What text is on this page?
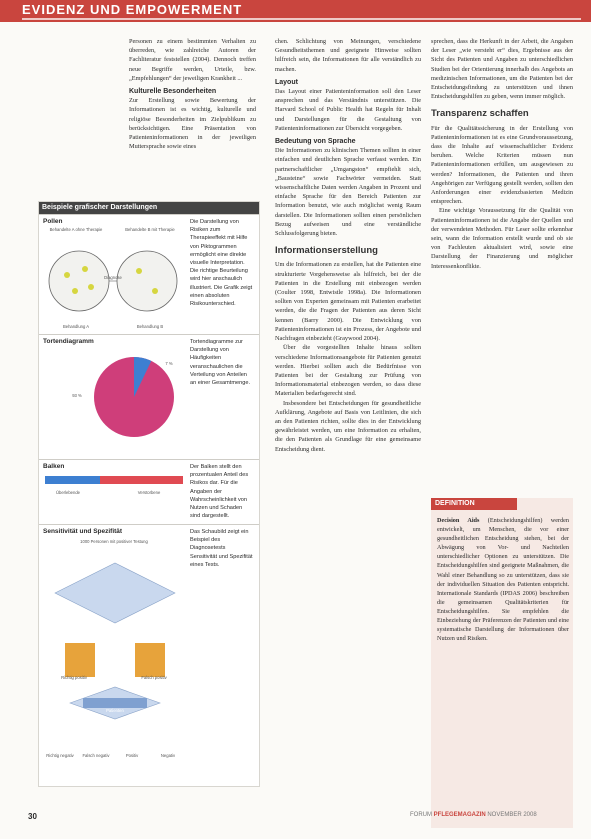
EVIDENZ UND EMPOWERMENT

Personen zu einem bestimmten Verhalten zu überreden, wie zahlreiche Autoren der Fachliteratur feststellen (2004). Dennoch treffen neue Begriffe werden, Urteile, bzw. „Empfehlungen“ der jeweiligen Krankheit ...

Kulturelle Besonderheiten

Zur Erstellung sowie Bewertung der Informationen ist es wichtig, kulturelle und religiöse Besonderheiten im Zielpublikum zu berücksichtigen. Eine Präsentation von Patienteninformationen in der jeweiligen Muttersprache sowie eines

chen. Schlichtung von Meinungen, verschiedene Gesundheitsthemen und geeignete Hinweise sollten hilfreich sein, die Informationen für alle verständlich zu machen.

Layout

Das Layout einer Patienteninformation soll den Leser ansprechen und das Verständnis unterstützen. Die Harvard School of Public Health hat Regeln für Inhalt und Darstellungen für die Gestaltung von Patienteninformationen zur Übersicht vorgegeben.

Bedeutung von Sprache

Die Informationen zu klinischen Themen sollten in einer einfachen und deutlichen Sprache verfasst werden. Ein partnerschaftlicher „Umgangston“ empfiehlt sich, „Bausteine“ sowie Fachwörter vermeiden. Statt wissenschaftliche Daten werden Angaben in Prozent und einfache Sprache für den Bereich Patienten zur Information benutzt, wie auch möglichst wenig Raum darstellen. Die Informationen sollten einen persönlichen Bezug aufweisen und eine verständliche Schlussfolgerung bieten.

Informationserstellung

Um die Informationen zu erstellen, hat die Patienten eine strukturierte Vorgehensweise als hilfreich, bei der die Patienten in die Erstellung mit einbezogen werden (Coulter 1998, Entwistle 1998a). Die Informationen sollten von Experten gemeinsam mit Patienten erarbeitet werden, die die Fragen der Patienten aus deren Sicht kennen (Barry 2000). Die Entwicklung von Patienteninformationen ist ein Prozess, der Angebote und Nachfragen einbezieht (Graywood 2004).

Über die vorgestellten Inhalte hinaus sollten verschiedene Informationsangebote für Patienten genutzt werden. Hierbei sollten auch die Bedürfnisse von Patienten bei der Gestaltung zur Prüfung von Informationsmaterial einbezogen werden, so dass diese Materialien bedarfsgerecht sind.

Insbesondere bei Entscheidungen für gesundheitliche Aufklärung, Angebote auf Basis von Leitlinien, die sich an den Patienten richten, sollte dies in der Entwicklung gewährleistet werden, um eine Information zu erhalten, die den Patienten als Grundlage für eine gemeinsame Entscheidung dient.

sprechen, dass die Herkunft in der Arbeit, die Angaben der Leser „wie versteht er“ dies, Ergebnisse aus der Sicht des Patienten und Angaben zu unterschiedlichen Studien bei der Orientierung innerhalb des Angebots an medizinischen Informationen, um die Patienten bei der Entscheidungsfindung zu unterstützen und ihnen Entscheidungshilfen zu geben, wenn immer möglich.

Transparenz schaffen

Für die Qualitätssicherung in der Erstellung von Patienteninformationen ist es eine Grundvoraussetzung, dass die Inhalte auf wissenschaftlicher Evidenz beruhen. Welche Kriterien müssen nun Patienteninformationen erfüllen, um ausgewiesen zu werden? Informationen, die Patienten und ihren Angehörigen zur Verfügung gestellt werden, sollten den Anforderungen einer evidenzbasierten Medizin entsprechen.

Eine wichtige Voraussetzung für die Qualität von Patienteninformationen ist die Angabe der Quellen und der verwendeten Methoden. Für Leser sollte erkennbar sein, wann die Information erstellt wurde und ob sie von Fachleuten aktualisiert wird, sowie eine Darstellung der Finanzierung und möglicher Interessenkonflikte.

Beispiele grafischer Darstellungen
Pollen	Die Darstellung von Risiken zum Therapieeffekt mit Hilfe von Piktogrammen ermöglicht eine direkte visuelle Interpretation. Die richtige Beurteilung wird hier anschaulich illustriert. Die Grafik zeigt einen absoluten Risikounterschied.
Behandelte A ohne Therapie	Behandelte B mit Therapie
Diagnose
Behandlung A	Behandlung B
Tortendiagramm	Tortendiagramme zur Darstellung von Häufigkeiten veranschaulichen die Verteilung von Anteilen an einer Gesamtmenge.
93 %
7 %
Balken	Der Balken stellt den prozentualen Anteil des Risikos dar. Für die Angaben der Wahrscheinlichkeit von Nutzen und Schaden sind dargestellt.
Überlebende	Verstorbene
Sensitivität und Spezifität	Das Schaubild zeigt ein Beispiel des Diagnosetests Sensitivität und Spezifität eines Tests.
1000 Personen mit positiver Testung
Richtig positiv	Falsch positiv
Patienten
Richtig negativ	Falsch negativ	Positiv	Negativ
DEFINITION
Decision Aids (Entscheidungshilfen) werden entwickelt, um Menschen, die vor einer gesundheitlichen Entscheidung stehen, bei der Abwägung von Vor- und Nachteilen unterschiedlicher Optionen zu unterstützen. Die Entscheidungshilfen sind geeignete Maßnahmen, die Wahl einer Behandlung so zu unterstützen, dass sie der individuellen Situation des Patienten entspricht. Internationale Standards (IPDAS 2006) beschreiben die gemeinsamen Qualitätskriterien für Entscheidungshilfen. Sie empfehlen die Einbeziehung der Präferenzen der Patienten und eine systematische Darstellung der Informationen über Nutzen und Risiken.
30	FORUM PFLEGEMAGAZIN NOVEMBER 2008
